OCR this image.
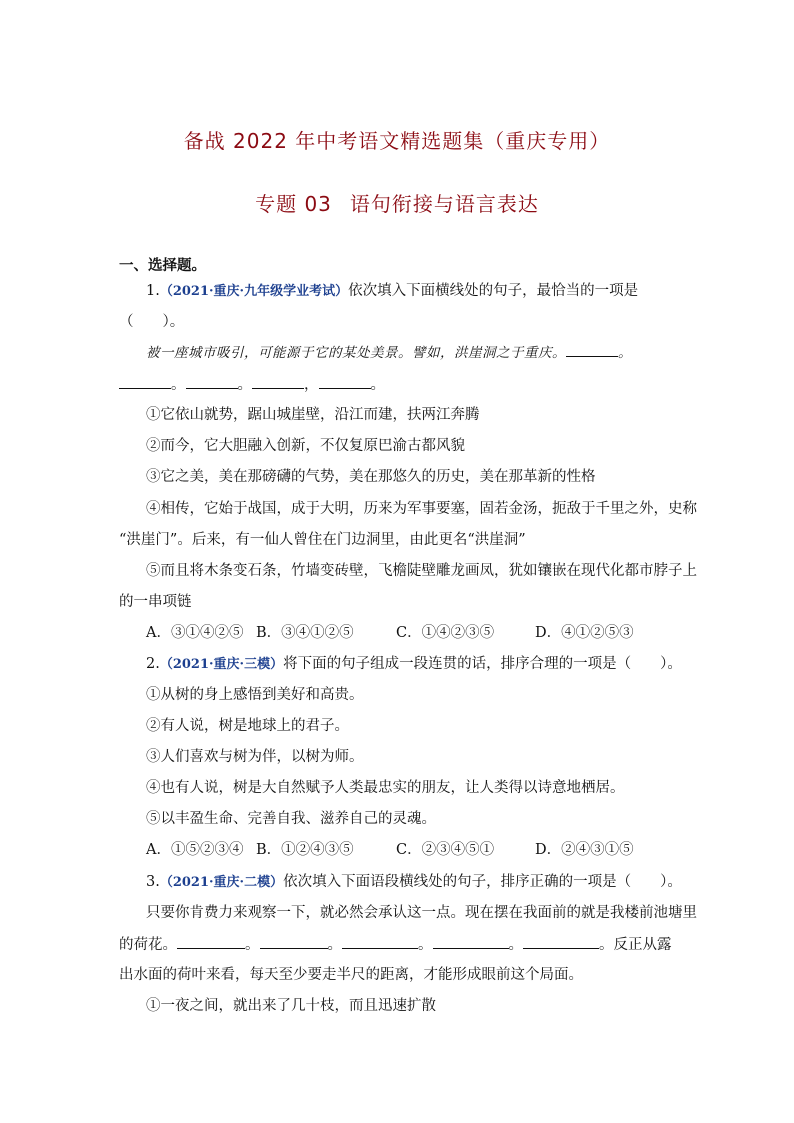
备战 2022 年中考语文精选题集（重庆专用）
专题 03 语句衔接与语言表达
一、选择题。
1.（2021·重庆·九年级学业考试）依次填入下面横线处的句子，最恰当的一项是
（　　）。
被一座城市吸引，可能源于它的某处美景。譬如，洪崖洞之于重庆。	。
。	。	，	。
①它依山就势，踞山城崖壁，沿江而建，扶两江奔腾
②而今，它大胆融入创新，不仅复原巴渝古都风貌
③它之美，美在那磅礴的气势，美在那悠久的历史，美在那革新的性格
④相传，它始于战国，成于大明，历来为军事要塞，固若金汤，扼敌于千里之外，史称
“洪崖门”。后来，有一仙人曾住在门边洞里，由此更名“洪崖洞”
⑤而且将木条变石条，竹墙变砖壁，飞檐陡壁雕龙画凤，犹如镶嵌在现代化都市脖子上
的一串项链
A．③①④②⑤ B．③④①②⑤	C．①④②③⑤	D．④①②⑤③
2.（2021·重庆·三模）将下面的句子组成一段连贯的话，排序合理的一项是（　　）。
①从树的身上感悟到美好和高贵。
②有人说，树是地球上的君子。
③人们喜欢与树为伴，以树为师。
④也有人说，树是大自然赋予人类最忠实的朋友，让人类得以诗意地栖居。
⑤以丰盈生命、完善自我、滋养自己的灵魂。
A．①⑤②③④ B．①②④③⑤	C．②③④⑤①	D．②④③①⑤
3.（2021·重庆·二模）依次填入下面语段横线处的句子，排序正确的一项是（　　）。
只要你肯费力来观察一下，就必然会承认这一点。现在摆在我面前的就是我楼前池塘里
的荷花。	。	。	。	。	。反正从露
出水面的荷叶来看，每天至少要走半尺的距离，才能形成眼前这个局面。
①一夜之间，就出来了几十枝，而且迅速扩散
